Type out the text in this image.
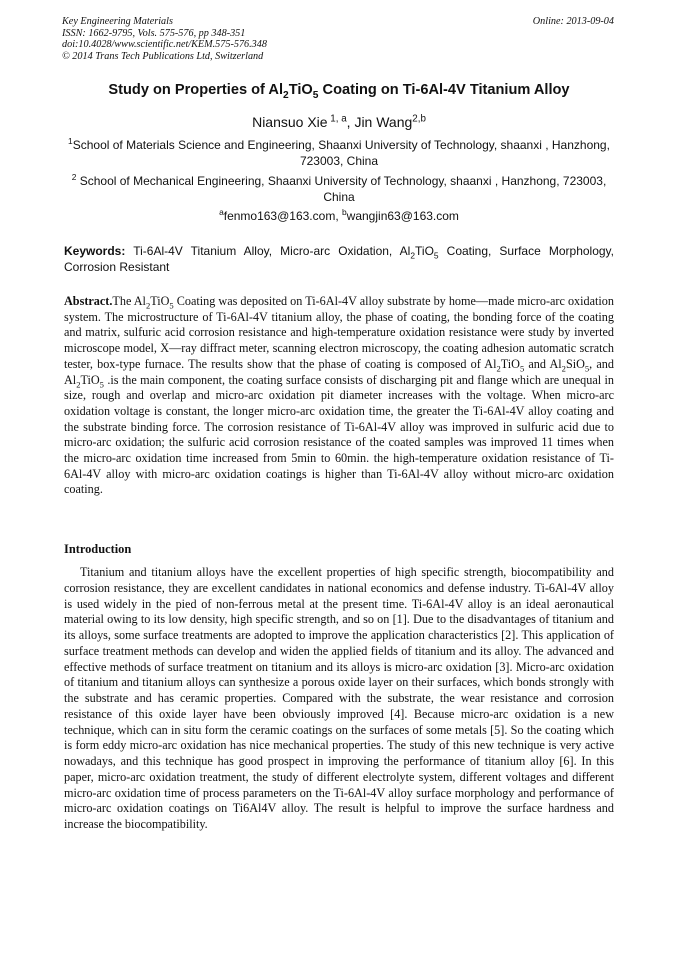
Key Engineering Materials
ISSN: 1662-9795, Vols. 575-576, pp 348-351
doi:10.4028/www.scientific.net/KEM.575-576.348
© 2014 Trans Tech Publications Ltd, Switzerland
Online: 2013-09-04
Study on Properties of $Al_2TiO_5$ Coating on Ti-6Al-4V Titanium Alloy
Niansuo Xie $^{1, a}$, Jin Wang$^{2,b}$
$^1$School of Materials Science and Engineering, Shaanxi University of Technology, shaanxi , Hanzhong, 723003, China
$^2$ School of Mechanical Engineering, Shaanxi University of Technology, shaanxi , Hanzhong, 723003, China
$^a$fenmo163@163.com, $^b$wangjin63@163.com
Keywords: Ti-6Al-4V Titanium Alloy, Micro-arc Oxidation, $Al_2TiO_5$ Coating, Surface Morphology, Corrosion Resistant

Abstract.The $Al_2TiO_5$ Coating was deposited on Ti-6Al-4V alloy substrate by home—made micro-arc oxidation system. The microstructure of Ti-6Al-4V titanium alloy, the phase of coating, the bonding force of the coating and matrix, sulfuric acid corrosion resistance and high-temperature oxidation resistance were study by inverted microscope model, X—ray diffract meter, scanning electron microscopy, the coating adhesion automatic scratch tester, box-type furnace. The results show that the phase of coating is composed of $Al_2TiO_5$ and $Al_2SiO_5$, and $Al_2TiO_5$ .is the main component, the coating surface consists of discharging pit and flange which are unequal in size, rough and overlap and micro-arc oxidation pit diameter increases with the voltage. When micro-arc oxidation voltage is constant, the longer micro-arc oxidation time, the greater the Ti-6Al-4V alloy coating and the substrate binding force. The corrosion resistance of Ti-6Al-4V alloy was improved in sulfuric acid due to micro-arc oxidation; the sulfuric acid corrosion resistance of the coated samples was improved 11 times when the micro-arc oxidation time increased from 5min to 60min. the high-temperature oxidation resistance of Ti-6Al-4V alloy with micro-arc oxidation coatings is higher than Ti-6Al-4V alloy without micro-arc oxidation coating.

Introduction

Titanium and titanium alloys have the excellent properties of high specific strength, biocompatibility and corrosion resistance, they are excellent candidates in national economics and defense industry. Ti-6Al-4V alloy is used widely in the pied of non-ferrous metal at the present time. Ti-6Al-4V alloy is an ideal aeronautical material owing to its low density, high specific strength, and so on [1]. Due to the disadvantages of titanium and its alloys, some surface treatments are adopted to improve the application characteristics [2]. This application of surface treatment methods can develop and widen the applied fields of titanium and its alloy. The advanced and effective methods of surface treatment on titanium and its alloys is micro-arc oxidation [3]. Micro-arc oxidation of titanium and titanium alloys can synthesize a porous oxide layer on their surfaces, which bonds strongly with the substrate and has ceramic properties. Compared with the substrate, the wear resistance and corrosion resistance of this oxide layer have been obviously improved [4]. Because micro-arc oxidation is a new technique, which can in situ form the ceramic coatings on the surfaces of some metals [5]. So the coating which is form eddy micro-arc oxidation has nice mechanical properties. The study of this new technique is very active nowadays, and this technique has good prospect in improving the performance of titanium alloy [6]. In this paper, micro-arc oxidation treatment, the study of different electrolyte system, different voltages and different micro-arc oxidation time of process parameters on the Ti-6Al-4V alloy surface morphology and performance of micro-arc oxidation coatings on Ti6Al4V alloy. The result is helpful to improve the surface hardness and increase the biocompatibility.
